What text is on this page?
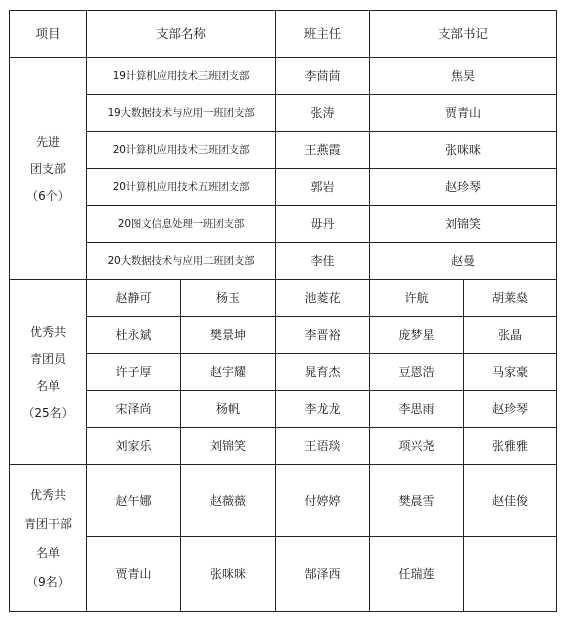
项目	支部名称		班主任	支部书记	

先进
团支部
（6个）	19计算机应用技术三班团支部		李茴茴	焦昊	
	19大数据技术与应用一班团支部		张涛	贾青山	
	20计算机应用技术三班团支部		王燕霞	张咪咪	
	20计算机应用技术五班团支部		郭岩	赵珍琴	
	20图文信息处理一班团支部		毋丹	刘锦笑	
	20大数据技术与应用二班团支部		李佳	赵曼	

优秀共
青团员
名单
（25名）	赵静可	杨玉	池菱花	许航	胡莱燊
	杜永斌	樊景坤	李晋裕	庞梦星	张晶
	许子厚	赵宇耀	晁育杰	豆恩浩	马家豪
	宋泽尚	杨帆	李龙龙	李思雨	赵珍琴
	刘家乐	刘锦笑	王语琰	项兴尧	张雅雅

优秀共
青团干部
名单
（9名）	赵午娜	赵薇薇	付婷婷	樊晨雪	赵佳俊
	贾青山	张咪咪	郜泽西	任瑞莲	
